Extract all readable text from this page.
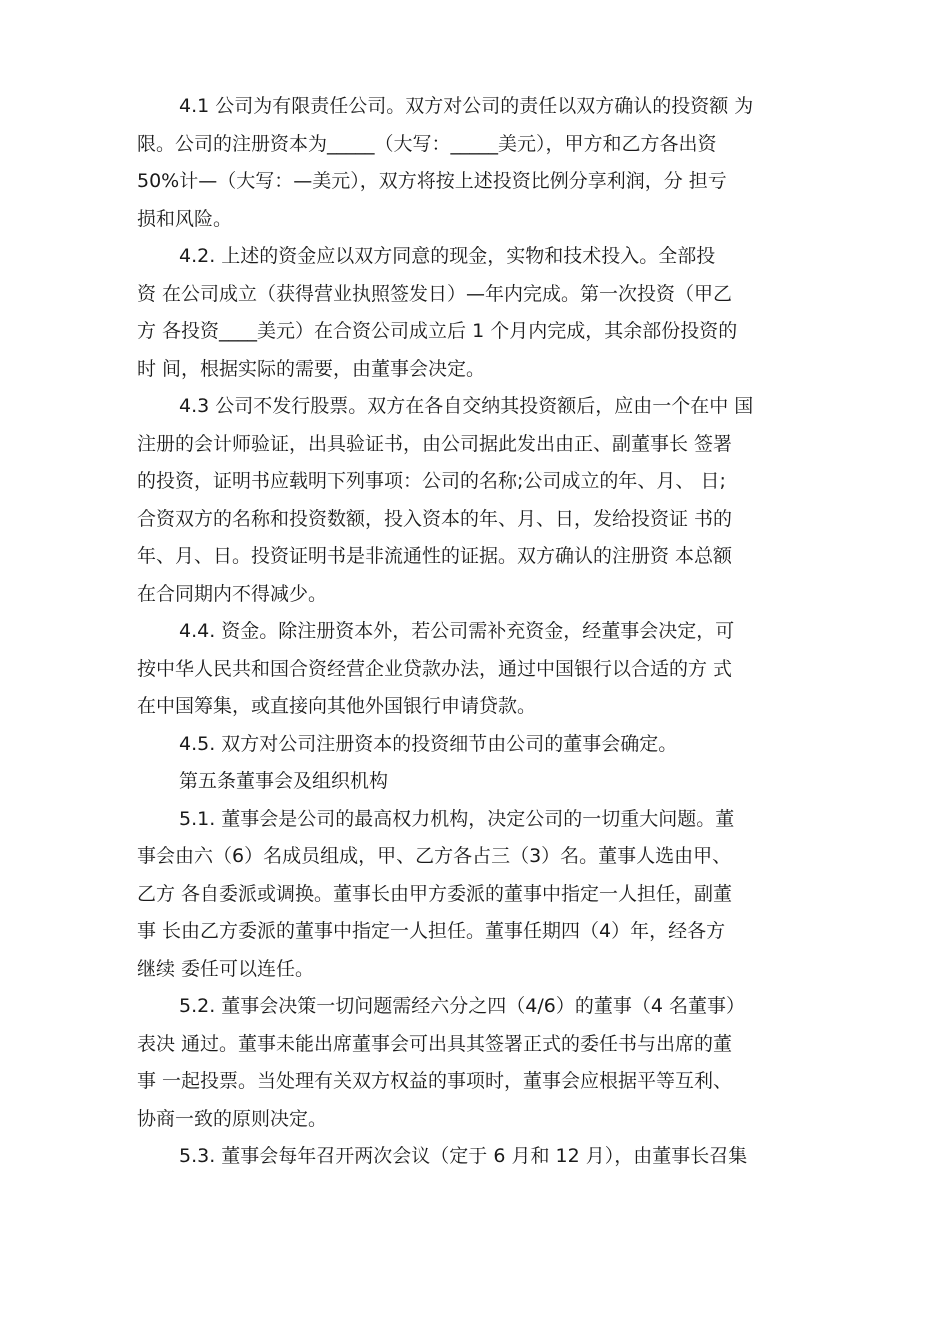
4.1 公司为有限责任公司。双方对公司的责任以双方确认的投资额 为
限。公司的注册资本为_____（大写：_____美元），甲方和乙方各出资
50%计—（大写：—美元），双方将按上述投资比例分享利润，分 担亏
损和风险。

4.2. 上述的资金应以双方同意的现金，实物和技术投入。全部投
资 在公司成立（获得营业执照签发日）—年内完成。第一次投资（甲乙
方 各投资____美元）在合资公司成立后 1 个月内完成，其余部份投资的
时 间，根据实际的需要，由董事会决定。

4.3 公司不发行股票。双方在各自交纳其投资额后，应由一个在中 国
注册的会计师验证，出具验证书，由公司据此发出由正、副董事长 签署
的投资，证明书应载明下列事项：公司的名称;公司成立的年、月、 日;
合资双方的名称和投资数额，投入资本的年、月、日，发给投资证 书的
年、月、日。投资证明书是非流通性的证据。双方确认的注册资 本总额
在合同期内不得减少。

4.4. 资金。除注册资本外，若公司需补充资金，经董事会决定，可
按中华人民共和国合资经营企业贷款办法，通过中国银行以合适的方 式
在中国筹集，或直接向其他外国银行申请贷款。

4.5. 双方对公司注册资本的投资细节由公司的董事会确定。

第五条董事会及组织机构

5.1. 董事会是公司的最高权力机构，决定公司的一切重大问题。董
事会由六（6）名成员组成，甲、乙方各占三（3）名。董事人选由甲、
乙方 各自委派或调换。董事长由甲方委派的董事中指定一人担任，副董
事 长由乙方委派的董事中指定一人担任。董事任期四（4）年，经各方
继续 委任可以连任。

5.2. 董事会决策一切问题需经六分之四（4/6）的董事（4 名董事）
表决 通过。董事未能出席董事会可出具其签署正式的委任书与出席的董
事 一起投票。当处理有关双方权益的事项时，董事会应根据平等互利、
协商一致的原则决定。

5.3. 董事会每年召开两次会议（定于 6 月和 12 月），由董事长召集
